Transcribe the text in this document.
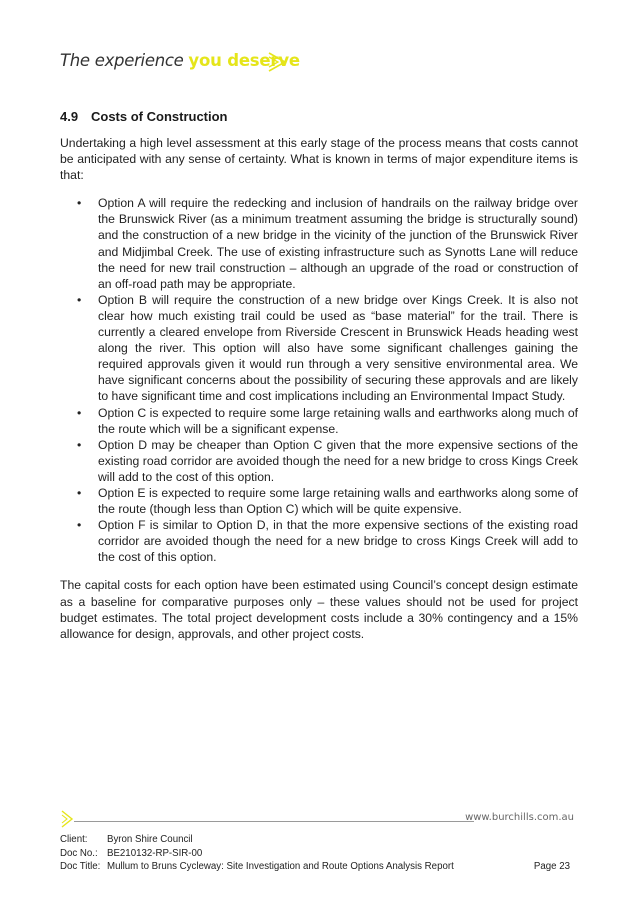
The experience you deserve
4.9 Costs of Construction

Undertaking a high level assessment at this early stage of the process means that costs cannot be anticipated with any sense of certainty. What is known in terms of major expenditure items is that:

• Option A will require the redecking and inclusion of handrails on the railway bridge over the Brunswick River (as a minimum treatment assuming the bridge is structurally sound) and the construction of a new bridge in the vicinity of the junction of the Brunswick River and Midjimbal Creek. The use of existing infrastructure such as Synotts Lane will reduce the need for new trail construction – although an upgrade of the road or construction of an off-road path may be appropriate.
• Option B will require the construction of a new bridge over Kings Creek. It is also not clear how much existing trail could be used as “base material” for the trail. There is currently a cleared envelope from Riverside Crescent in Brunswick Heads heading west along the river. This option will also have some significant challenges gaining the required approvals given it would run through a very sensitive environmental area. We have significant concerns about the possibility of securing these approvals and are likely to have significant time and cost implications including an Environmental Impact Study.
• Option C is expected to require some large retaining walls and earthworks along much of the route which will be a significant expense.
• Option D may be cheaper than Option C given that the more expensive sections of the existing road corridor are avoided though the need for a new bridge to cross Kings Creek will add to the cost of this option.
• Option E is expected to require some large retaining walls and earthworks along some of the route (though less than Option C) which will be quite expensive.
• Option F is similar to Option D, in that the more expensive sections of the existing road corridor are avoided though the need for a new bridge to cross Kings Creek will add to the cost of this option.

The capital costs for each option have been estimated using Council’s concept design estimate as a baseline for comparative purposes only – these values should not be used for project budget estimates. The total project development costs include a 30% contingency and a 15% allowance for design, approvals, and other project costs.

www.burchills.com.au
Client: Byron Shire Council
Doc No.: BE210132-RP-SIR-00
Doc Title: Mullum to Bruns Cycleway: Site Investigation and Route Options Analysis Report	Page 23
